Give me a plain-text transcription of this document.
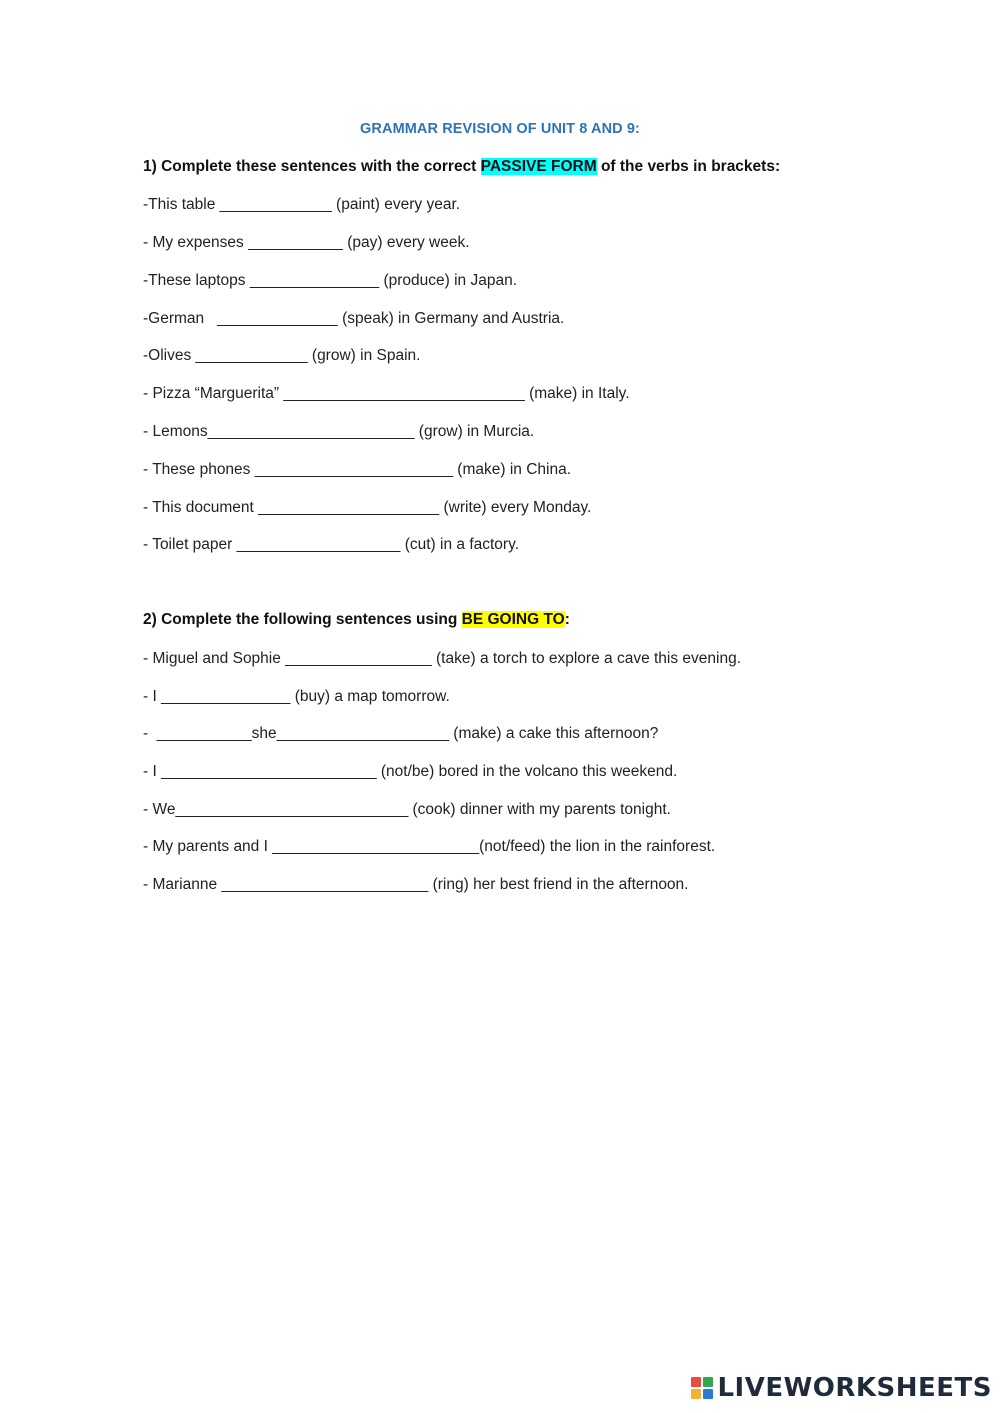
GRAMMAR REVISION OF UNIT 8 AND 9:
1) Complete these sentences with the correct PASSIVE FORM of the verbs in brackets:
-This table _____________ (paint) every year.
- My expenses ___________ (pay) every week.
-These laptops _______________ (produce) in Japan.
-German   ______________ (speak) in Germany and Austria.
-Olives _____________ (grow) in Spain.
- Pizza “Marguerita” ____________________________ (make) in Italy.
- Lemons________________________ (grow) in Murcia.
- These phones _______________________ (make) in China.
- This document _____________________ (write) every Monday.
- Toilet paper ___________________ (cut) in a factory.
2) Complete the following sentences using BE GOING TO:
- Miguel and Sophie _________________ (take) a torch to explore a cave this evening.
- I _______________ (buy) a map tomorrow.
-  ___________she____________________ (make) a cake this afternoon?
- I _________________________ (not/be) bored in the volcano this weekend.
- We___________________________ (cook) dinner with my parents tonight.
- My parents and I ________________________(not/feed) the lion in the rainforest.
- Marianne ________________________ (ring) her best friend in the afternoon.
LIVEWORKSHEETS
